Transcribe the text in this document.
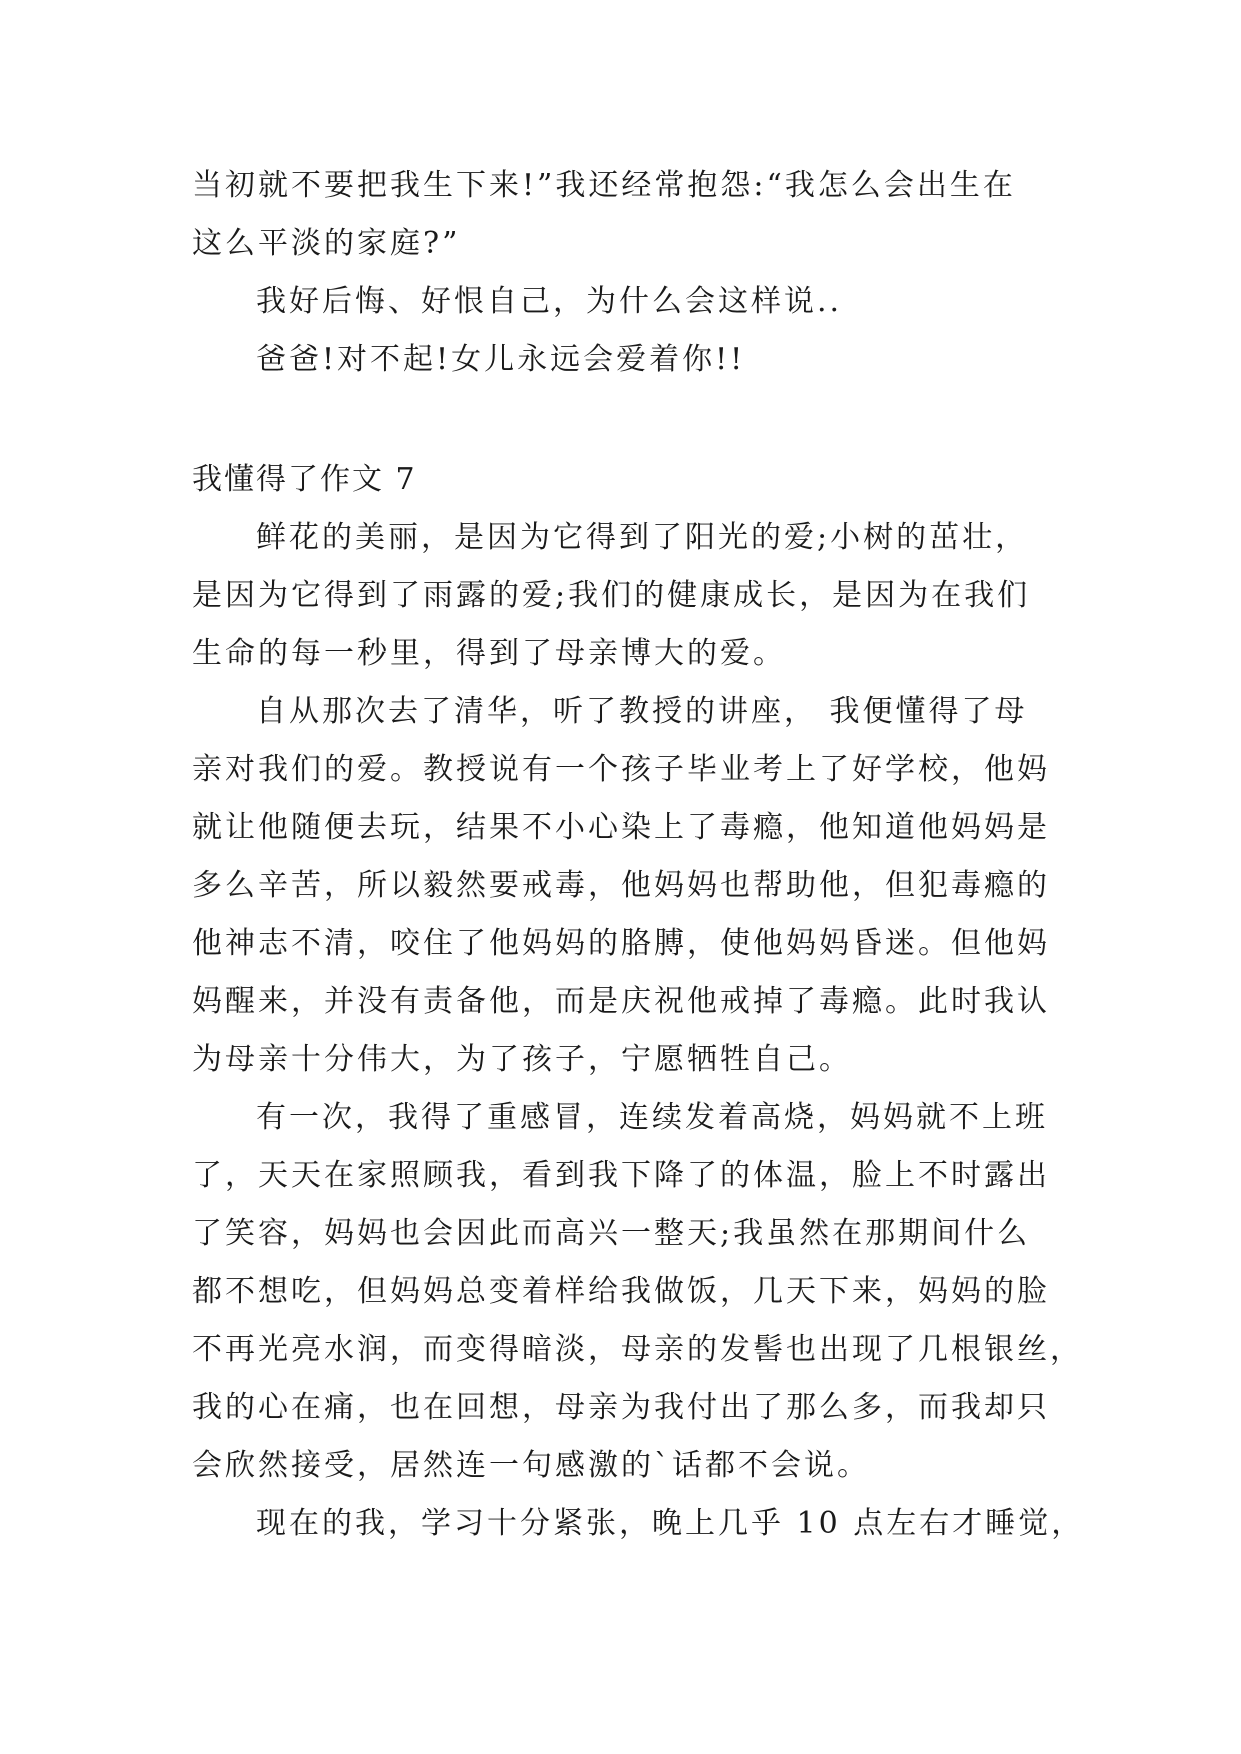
当初就不要把我生下来!”我还经常抱怨:“我怎么会出生在
这么平淡的家庭?”
我好后悔、好恨自己，为什么会这样说..
爸爸!对不起!女儿永远会爱着你!!
我懂得了作文 7
鲜花的美丽，是因为它得到了阳光的爱;小树的茁壮，
是因为它得到了雨露的爱;我们的健康成长，是因为在我们
生命的每一秒里，得到了母亲博大的爱。
自从那次去了清华，听了教授的讲座， 我便懂得了母
亲对我们的爱。教授说有一个孩子毕业考上了好学校，他妈
就让他随便去玩，结果不小心染上了毒瘾，他知道他妈妈是
多么辛苦，所以毅然要戒毒，他妈妈也帮助他，但犯毒瘾的
他神志不清，咬住了他妈妈的胳膊，使他妈妈昏迷。但他妈
妈醒来，并没有责备他，而是庆祝他戒掉了毒瘾。此时我认
为母亲十分伟大，为了孩子，宁愿牺牲自己。
有一次，我得了重感冒，连续发着高烧，妈妈就不上班
了，天天在家照顾我，看到我下降了的体温，脸上不时露出
了笑容，妈妈也会因此而高兴一整天;我虽然在那期间什么
都不想吃，但妈妈总变着样给我做饭，几天下来，妈妈的脸
不再光亮水润，而变得暗淡，母亲的发髻也出现了几根银丝，
我的心在痛，也在回想，母亲为我付出了那么多，而我却只
会欣然接受，居然连一句感激的`话都不会说。
现在的我，学习十分紧张，晚上几乎 10 点左右才睡觉，
